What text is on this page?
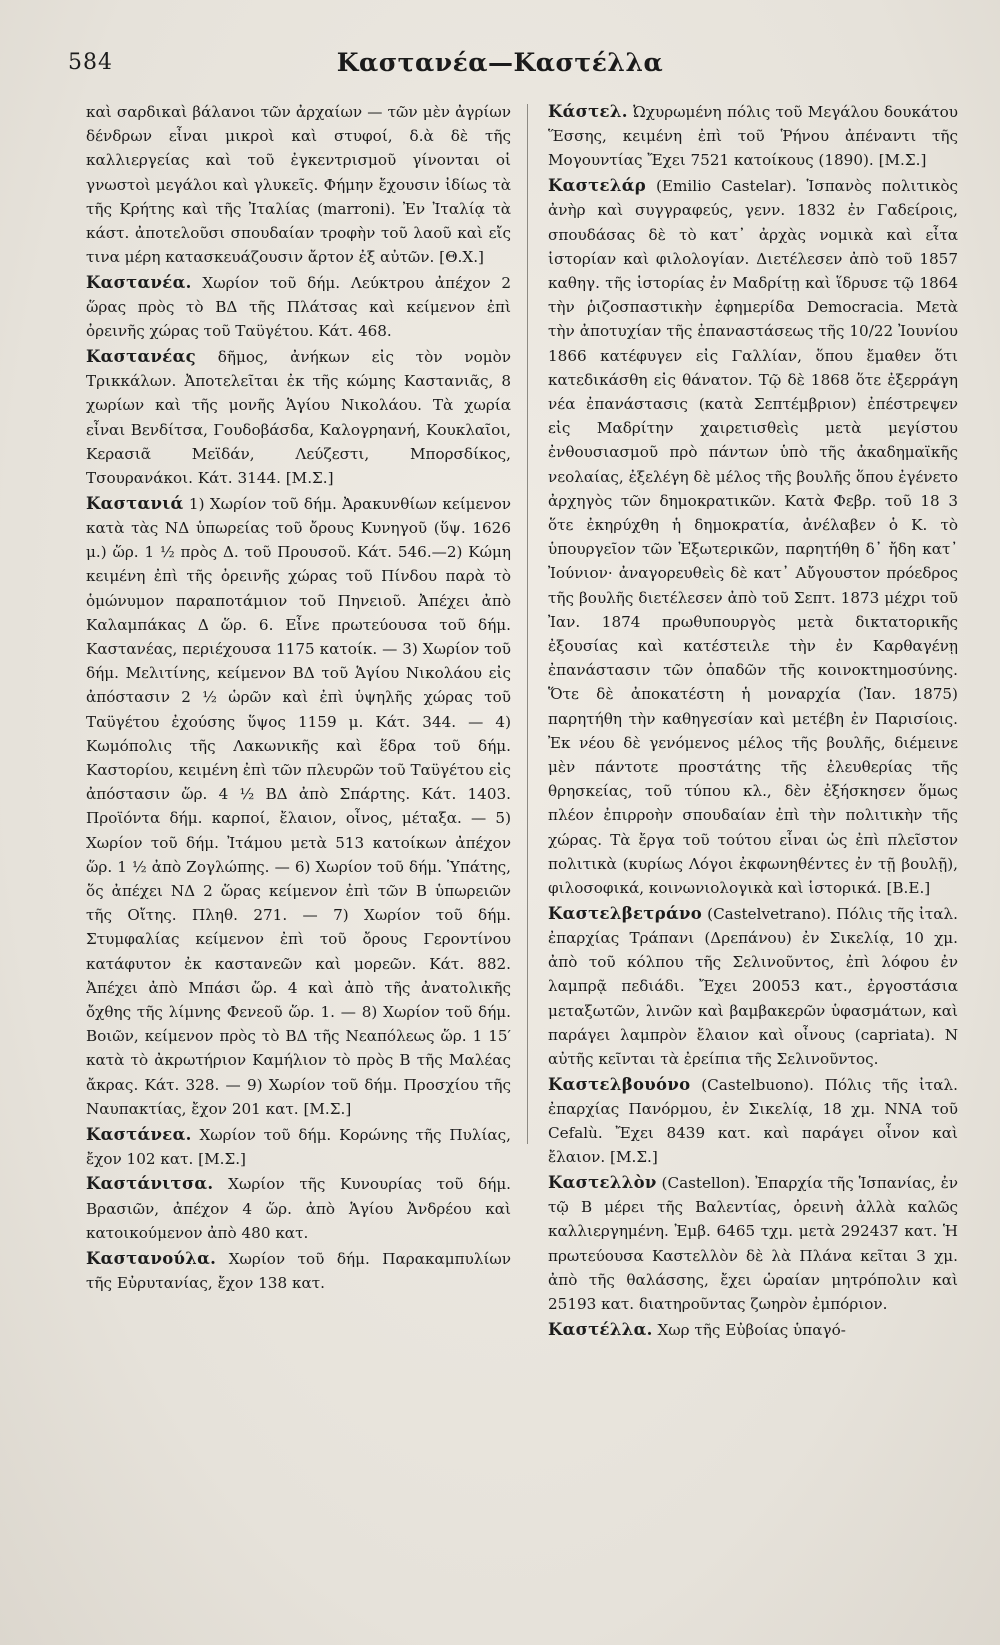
584	Καστανέα—Καστέλλα

καὶ σαρδικαὶ βάλανοι τῶν ἀρχαίων — τῶν μὲν ἀγρίων δένδρων εἶναι μικροὶ καὶ στυφοί, δ.ὰ δὲ τῆς καλλιεργείας καὶ τοῦ ἐγκεντρισμοῦ γίνονται οἱ γνωστοὶ μεγάλοι καὶ γλυκεῖς. Φήμην ἔχουσιν ἰδίως τὰ τῆς Κρήτης καὶ τῆς Ἰταλίας (marroni). Ἐν Ἰταλίᾳ τὰ κάστ. ἀποτελοῦσι σπουδαίαν τροφὴν τοῦ λαοῦ καὶ εἴς τινα μέρη κατασκευάζουσιν ἄρτον ἐξ αὐτῶν. [Θ.Χ.]

Καστανέα. Χωρίον τοῦ δήμ. Λεύκτρου ἀπέχον 2 ὥρας πρὸς τὸ ΒΔ τῆς Πλάτσας καὶ κείμενον ἐπὶ ὀρεινῆς χώρας τοῦ Ταϋγέτου. Κάτ. 468.

Καστανέας δῆμος, ἀνήκων εἰς τὸν νομὸν Τρικκάλων. Ἀποτελεῖται ἐκ τῆς κώμης Καστανιᾶς, 8 χωρίων καὶ τῆς μονῆς Ἁγίου Νικολάου. Τὰ χωρία εἶναι Βενδίτσα, Γουδοβάσδα, Καλογρηανή, Κουκλαῖοι, Κερασιᾶ Μεϊδάν, Λεύζεστι, Μπορσδίκος, Τσουρανάκοι. Κάτ. 3144. [Μ.Σ.]

Καστανιά 1) Χωρίον τοῦ δήμ. Ἀρακυνθίων κείμενον κατὰ τὰς ΝΔ ὑπωρείας τοῦ ὄρους Κυνηγοῦ (ὕψ. 1626 μ.) ὥρ. 1 ½ πρὸς Δ. τοῦ Προυσοῦ. Κάτ. 546.—2) Κώμη κειμένη ἐπὶ τῆς ὀρεινῆς χώρας τοῦ Πίνδου παρὰ τὸ ὁμώνυμον παραποτάμιον τοῦ Πηνειοῦ. Ἀπέχει ἀπὸ Καλαμπάκας Δ ὥρ. 6. Εἶνε πρωτεύουσα τοῦ δήμ. Καστανέας, περιέχουσα 1175 κατοίκ. — 3) Χωρίον τοῦ δήμ. Μελιτίνης, κείμενον ΒΔ τοῦ Ἁγίου Νικολάου εἰς ἀπόστασιν 2 ½ ὡρῶν καὶ ἐπὶ ὑψηλῆς χώρας τοῦ Ταϋγέτου ἐχούσης ὕψος 1159 μ. Κάτ. 344. — 4) Κωμόπολις τῆς Λακωνικῆς καὶ ἕδρα τοῦ δήμ. Καστορίου, κειμένη ἐπὶ τῶν πλευρῶν τοῦ Ταϋγέτου εἰς ἀπόστασιν ὥρ. 4 ½ ΒΔ ἀπὸ Σπάρτης. Κάτ. 1403. Προϊόντα δήμ. καρποί, ἔλαιον, οἶνος, μέταξα. — 5) Χωρίον τοῦ δήμ. Ἰτάμου μετὰ 513 κατοίκων ἀπέχον ὥρ. 1 ½ ἀπὸ Ζογλώπης. — 6) Χωρίον τοῦ δήμ. Ὑπάτης, ὅς ἀπέχει ΝΔ 2 ὥρας κείμενον ἐπὶ τῶν Β ὑπωρειῶν τῆς Οἴτης. Πληθ. 271. — 7) Χωρίον τοῦ δήμ. Στυμφαλίας κείμενον ἐπὶ τοῦ ὄρους Γεροντίνου κατάφυτον ἐκ καστανεῶν καὶ μορεῶν. Κάτ. 882. Ἀπέχει ἀπὸ Μπάσι ὥρ. 4 καὶ ἀπὸ τῆς ἀνατολικῆς ὄχθης τῆς λίμνης Φενεοῦ ὥρ. 1. — 8) Χωρίον τοῦ δήμ. Βοιῶν, κείμενον πρὸς τὸ ΒΔ τῆς Νεαπόλεως ὥρ. 1 15′ κατὰ τὸ ἀκρωτήριον Καμήλιον τὸ πρὸς Β τῆς Μαλέας ἄκρας. Κάτ. 328. — 9) Χωρίον τοῦ δήμ. Προσχίου τῆς Ναυπακτίας, ἔχον 201 κατ. [Μ.Σ.]

Καστάνεα. Χωρίον τοῦ δήμ. Κορώνης τῆς Πυλίας, ἔχον 102 κατ. [Μ.Σ.]

Καστάνιτσα. Χωρίον τῆς Κυνουρίας τοῦ δήμ. Βρασιῶν, ἀπέχον 4 ὥρ. ἀπὸ Ἁγίου Ἀνδρέου καὶ κατοικούμενον ἀπὸ 480 κατ.

Καστανούλα. Χωρίον τοῦ δήμ. Παρακαμπυλίων τῆς Εὐρυτανίας, ἔχον 138 κατ.

Κάστελ. Ὠχυρωμένη πόλις τοῦ Μεγάλου δουκάτου Ἕσσης, κειμένη ἐπὶ τοῦ Ῥήνου ἀπέναντι τῆς Μογουντίας Ἔχει 7521 κατοίκους (1890). [Μ.Σ.]

Καστελάρ (Emilio Castelar). Ἱσπανὸς πολιτικὸς ἀνὴρ καὶ συγγραφεύς, γενν. 1832 ἐν Γαδείροις, σπουδάσας δὲ τὸ κατ᾽ ἀρχὰς νομικὰ καὶ εἶτα ἱστορίαν καὶ φιλολογίαν. Διετέλεσεν ἀπὸ τοῦ 1857 καθηγ. τῆς ἱστορίας ἐν Μαδρίτῃ καὶ ἵδρυσε τῷ 1864 τὴν ῥιζοσπαστικὴν ἐφημερίδα Democracia. Μετὰ τὴν ἀποτυχίαν τῆς ἐπαναστάσεως τῆς 10/22 Ἰουνίου 1866 κατέφυγεν εἰς Γαλλίαν, ὅπου ἔμαθεν ὅτι κατεδικάσθη εἰς θάνατον. Τῷ δὲ 1868 ὅτε ἐξερράγη νέα ἐπανάστασις (κατὰ Σεπτέμβριον) ἐπέστρεψεν εἰς Μαδρίτην χαιρετισθεὶς μετὰ μεγίστου ἐνθουσιασμοῦ πρὸ πάντων ὑπὸ τῆς ἀκαδημαϊκῆς νεολαίας, ἐξελέγη δὲ μέλος τῆς βουλῆς ὅπου ἐγένετο ἀρχηγὸς τῶν δημοκρατικῶν. Κατὰ Φεβρ. τοῦ 18 3 ὅτε ἐκηρύχθη ἡ δημοκρατία, ἀνέλαβεν ὁ Κ. τὸ ὑπουργεῖον τῶν Ἐξωτερικῶν, παρητήθη δ᾽ ἤδη κατ᾽ Ἰούνιον· ἀναγορευθεὶς δὲ κατ᾽ Αὔγουστον πρόεδρος τῆς βουλῆς διετέλεσεν ἀπὸ τοῦ Σεπτ. 1873 μέχρι τοῦ Ἰαν. 1874 πρωθυπουργὸς μετὰ δικτατορικῆς ἐξουσίας καὶ κατέστειλε τὴν ἐν Καρθαγένῃ ἐπανάστασιν τῶν ὀπαδῶν τῆς κοινοκτημοσύνης. Ὅτε δὲ ἀποκατέστη ἡ μοναρχία (Ἰαν. 1875) παρητήθη τὴν καθηγεσίαν καὶ μετέβη ἐν Παρισίοις. Ἐκ νέου δὲ γενόμενος μέλος τῆς βουλῆς, διέμεινε μὲν πάντοτε προστάτης τῆς ἐλευθερίας τῆς θρησκείας, τοῦ τύπου κλ., δὲν ἐξήσκησεν ὅμως πλέον ἐπιρροὴν σπουδαίαν ἐπὶ τὴν πολιτικὴν τῆς χώρας. Τὰ ἔργα τοῦ τούτου εἶναι ὡς ἐπὶ πλεῖστον πολιτικὰ (κυρίως Λόγοι ἐκφωνηθέντες ἐν τῇ βουλῇ), φιλοσοφικά, κοινωνιολογικὰ καὶ ἱστορικά. [Β.Ε.]

Καστελβετράνο (Castelvetrano). Πόλις τῆς ἰταλ. ἐπαρχίας Τράπανι (Δρεπάνου) ἐν Σικελίᾳ, 10 χμ. ἀπὸ τοῦ κόλπου τῆς Σελινοῦντος, ἐπὶ λόφου ἐν λαμπρᾷ πεδιάδι. Ἔχει 20053 κατ., ἐργοστάσια μεταξωτῶν, λινῶν καὶ βαμβακερῶν ὑφασμάτων, καὶ παράγει λαμπρὸν ἔλαιον καὶ οἶνους (capriata). Ν αὐτῆς κεῖνται τὰ ἐρείπια τῆς Σελινοῦντος.

Καστελβουόνο (Castelbuono). Πόλις τῆς ἰταλ. ἐπαρχίας Πανόρμου, ἐν Σικελίᾳ, 18 χμ. ΝΝΑ τοῦ Cefalù. Ἔχει 8439 κατ. καὶ παράγει οἶνον καὶ ἔλαιον. [Μ.Σ.]

Καστελλὸν (Castellon). Ἐπαρχία τῆς Ἱσπανίας, ἐν τῷ Β μέρει τῆς Βαλεντίας, ὀρεινὴ ἀλλὰ καλῶς καλλιεργημένη. Ἐμβ. 6465 τχμ. μετὰ 292437 κατ. Ἡ πρωτεύουσα Καστελλὸν δὲ λὰ Πλάνα κεῖται 3 χμ. ἀπὸ τῆς θαλάσσης, ἔχει ὡραίαν μητρόπολιν καὶ 25193 κατ. διατηροῦντας ζωηρὸν ἐμπόριον.

Καστέλλα. Χωρ τῆς Εὐβοίας ὑπαγό-
